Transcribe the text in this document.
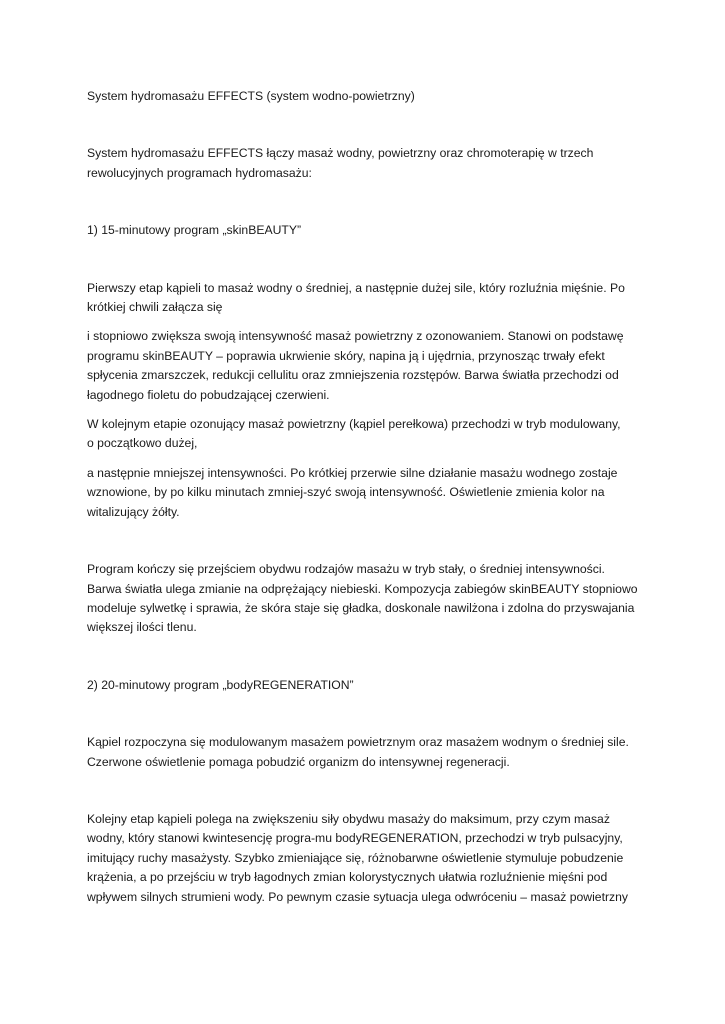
System hydromasażu EFFECTS (system wodno-powietrzny)

System hydromasażu EFFECTS łączy masaż wodny, powietrzny oraz chromoterapię w trzech
rewolucyjnych programach hydromasażu:

1) 15-minutowy program „skinBEAUTY”

Pierwszy etap kąpieli to masaż wodny o średniej, a następnie dużej sile, który rozluźnia mięśnie. Po
krótkiej chwili załącza się

i stopniowo zwiększa swoją intensywność masaż powietrzny z ozonowaniem. Stanowi on podstawę
programu skinBEAUTY – poprawia ukrwienie skóry, napina ją i ujędrnia, przynosząc trwały efekt
spłycenia zmarszczek, redukcji cellulitu oraz zmniejszenia rozstępów. Barwa światła przechodzi od
łagodnego fioletu do pobudzającej czerwieni.

W kolejnym etapie ozonujący masaż powietrzny (kąpiel perełkowa) przechodzi w tryb modulowany,
o początkowo dużej,

a następnie mniejszej intensywności. Po krótkiej przerwie silne działanie masażu wodnego zostaje
wznowione, by po kilku minutach zmniej-szyć swoją intensywność. Oświetlenie zmienia kolor na
witalizujący żółty.

Program kończy się przejściem obydwu rodzajów masażu w tryb stały, o średniej intensywności.
Barwa światła ulega zmianie na odprężający niebieski. Kompozycja zabiegów skinBEAUTY stopniowo
modeluje sylwetkę i sprawia, że skóra staje się gładka, doskonale nawilżona i zdolna do przyswajania
większej ilości tlenu.

2) 20-minutowy program „bodyREGENERATION”

Kąpiel rozpoczyna się modulowanym masażem powietrznym oraz masażem wodnym o średniej sile.
Czerwone oświetlenie pomaga pobudzić organizm do intensywnej regeneracji.

Kolejny etap kąpieli polega na zwiększeniu siły obydwu masaży do maksimum, przy czym masaż
wodny, który stanowi kwintesencję progra-mu bodyREGENERATION, przechodzi w tryb pulsacyjny,
imitujący ruchy masażysty. Szybko zmieniające się, różnobarwne oświetlenie stymuluje pobudzenie
krążenia, a po przejściu w tryb łagodnych zmian kolorystycznych ułatwia rozluźnienie mięśni pod
wpływem silnych strumieni wody. Po pewnym czasie sytuacja ulega odwróceniu – masaż powietrzny
